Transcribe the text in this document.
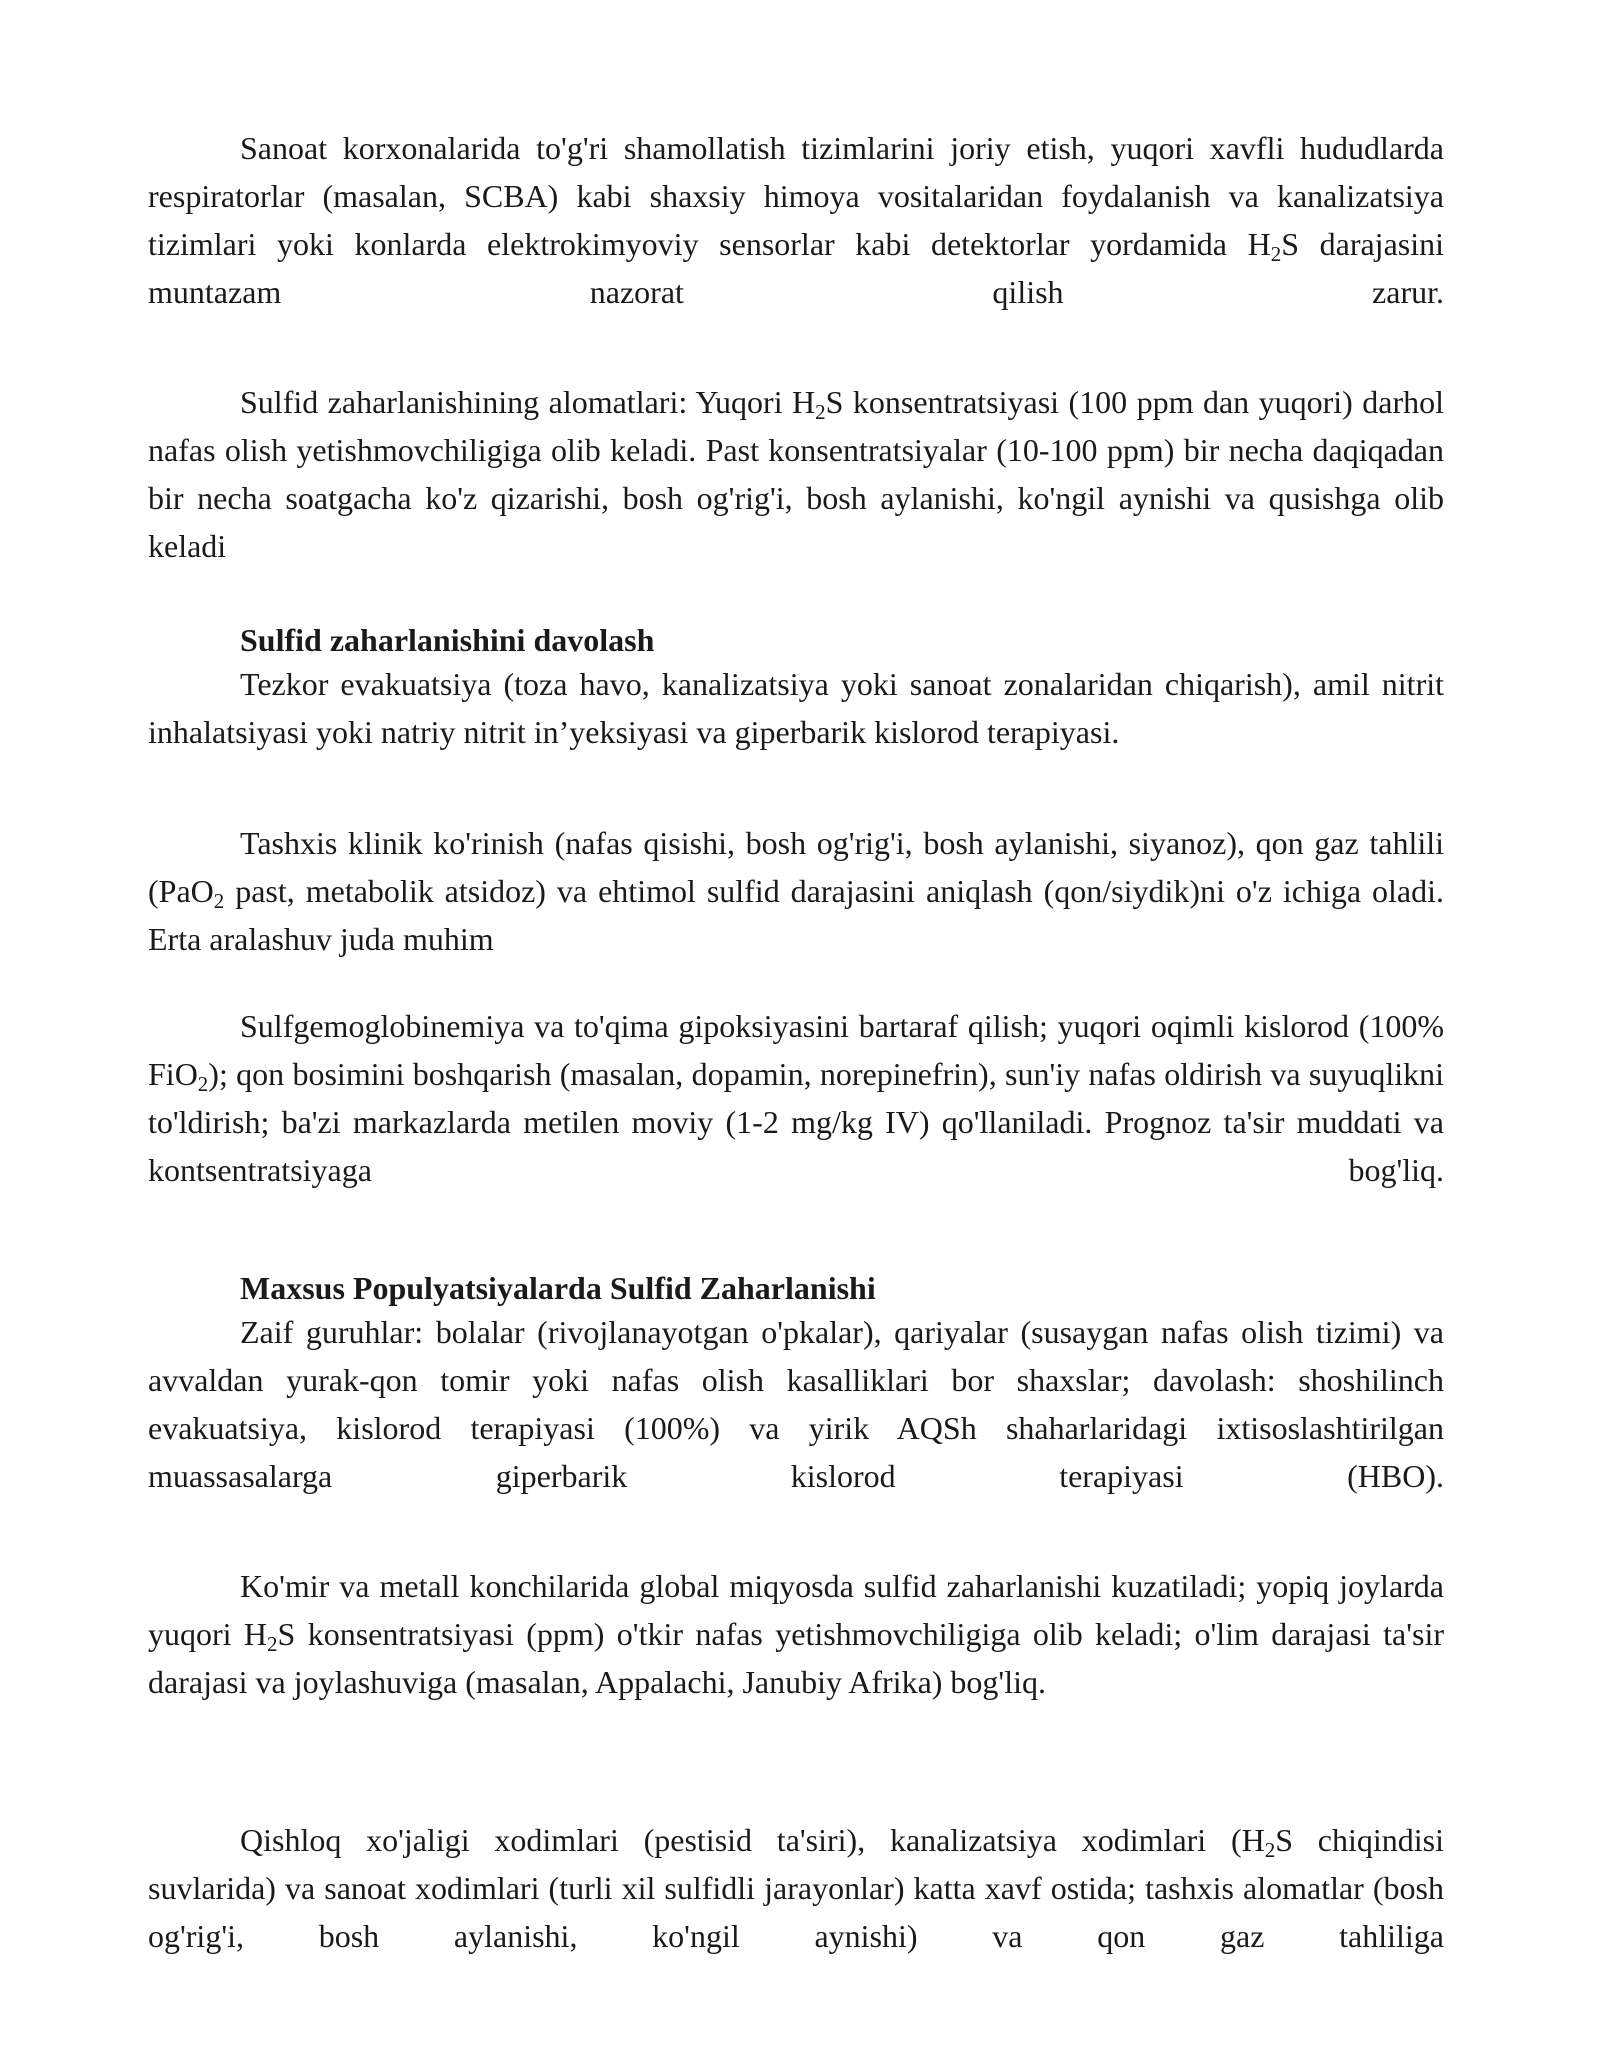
Sanoat korxonalarida to'g'ri shamollatish tizimlarini joriy etish, yuqori xavfli hududlarda respiratorlar (masalan, SCBA) kabi shaxsiy himoya vositalaridan foydalanish va kanalizatsiya tizimlari yoki konlarda elektrokimyoviy sensorlar kabi detektorlar yordamida $H_2S$ darajasini muntazam nazorat qilish zarur.

Sulfid zaharlanishining alomatlari: Yuqori $H_2S$ konsentratsiyasi (100 ppm dan yuqori) darhol nafas olish yetishmovchiligiga olib keladi. Past konsentratsiyalar (10-100 ppm) bir necha daqiqadan bir necha soatgacha ko'z qizarishi, bosh og'rig'i, bosh aylanishi, ko'ngil aynishi va qusishga olib keladi

Sulfid zaharlanishini davolash

Tezkor evakuatsiya (toza havo, kanalizatsiya yoki sanoat zonalaridan chiqarish), amil nitrit inhalatsiyasi yoki natriy nitrit in’yeksiyasi va giperbarik kislorod terapiyasi.

Tashxis klinik ko'rinish (nafas qisishi, bosh og'rig'i, bosh aylanishi, siyanoz), qon gaz tahlili (PaO$_2$ past, metabolik atsidoz) va ehtimol sulfid darajasini aniqlash (qon/siydik)ni o'z ichiga oladi. Erta aralashuv juda muhim

Sulfgemoglobinemiya va to'qima gipoksiyasini bartaraf qilish; yuqori oqimli kislorod (100% FiO$_2$); qon bosimini boshqarish (masalan, dopamin, norepinefrin), sun'iy nafas oldirish va suyuqlikni to'ldirish; ba'zi markazlarda metilen moviy (1-2 mg/kg IV) qo'llaniladi. Prognoz ta'sir muddati va kontsentratsiyaga bog'liq.

Maxsus Populyatsiyalarda Sulfid Zaharlanishi

Zaif guruhlar: bolalar (rivojlanayotgan o'pkalar), qariyalar (susaygan nafas olish tizimi) va avvaldan yurak-qon tomir yoki nafas olish kasalliklari bor shaxslar; davolash: shoshilinch evakuatsiya, kislorod terapiyasi (100%) va yirik AQSh shaharlaridagi ixtisoslashtirilgan muassasalarga giperbarik kislorod terapiyasi (HBO).

Ko'mir va metall konchilarida global miqyosda sulfid zaharlanishi kuzatiladi; yopiq joylarda yuqori $H_2S$ konsentratsiyasi (ppm) o'tkir nafas yetishmovchiligiga olib keladi; o'lim darajasi ta'sir darajasi va joylashuviga (masalan, Appalachi, Janubiy Afrika) bog'liq.

Qishloq xo'jaligi xodimlari (pestisid ta'siri), kanalizatsiya xodimlari ($H_2S$ chiqindisi suvlarida) va sanoat xodimlari (turli xil sulfidli jarayonlar) katta xavf ostida; tashxis alomatlar (bosh og'rig'i, bosh aylanishi, ko'ngil aynishi) va qon gaz tahliliga
